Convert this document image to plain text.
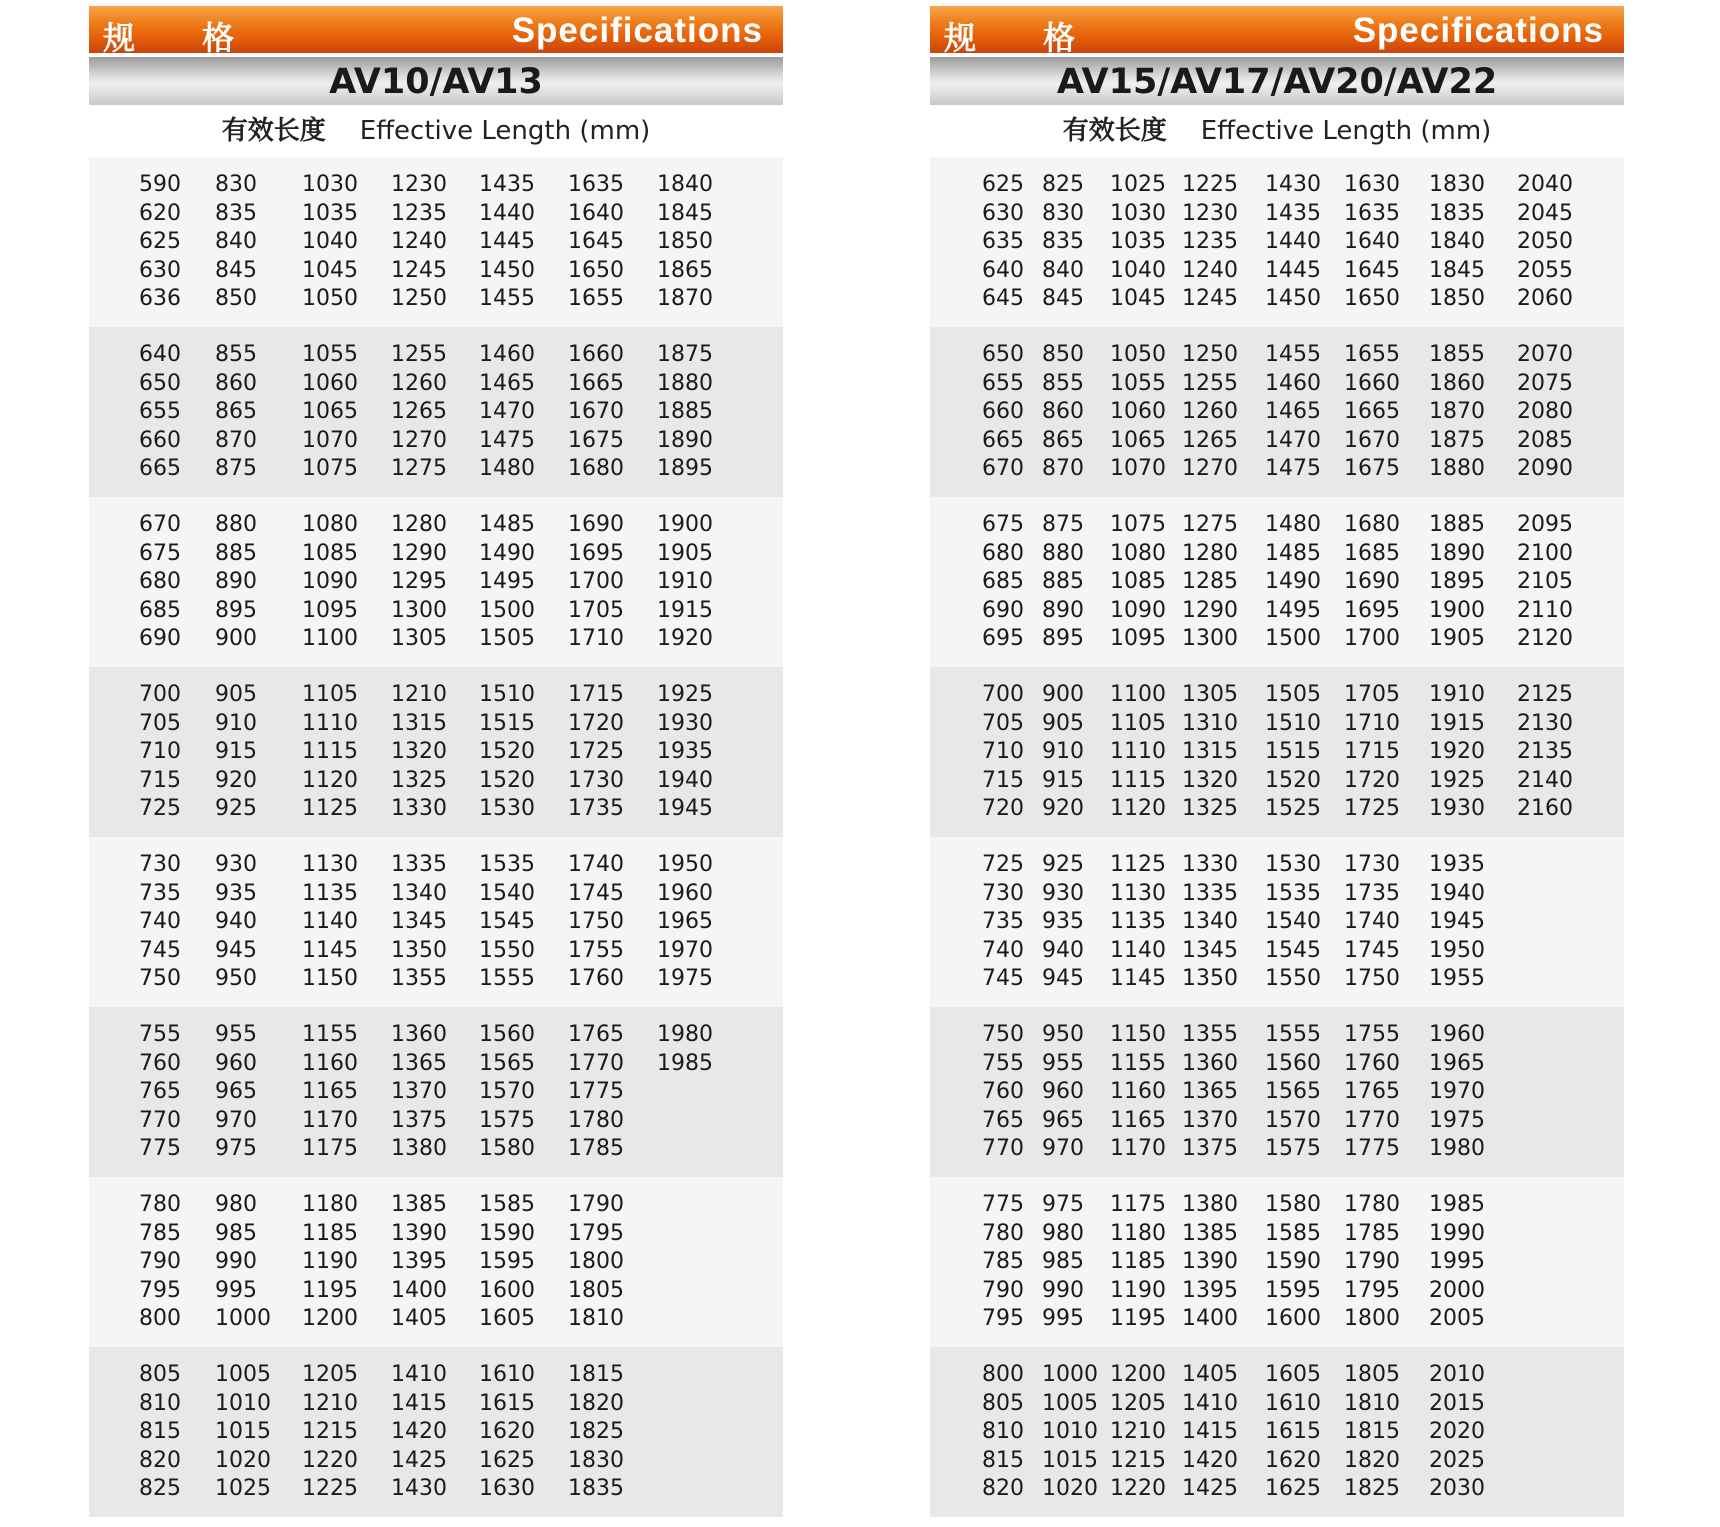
规 格	Specifications
AV10/AV13
有效长度 Effective Length (mm)
590 830 1030 1230 1435 1635 1840
620 835 1035 1235 1440 1640 1845
625 840 1040 1240 1445 1645 1850
630 845 1045 1245 1450 1650 1865
636 850 1050 1250 1455 1655 1870
640 855 1055 1255 1460 1660 1875
650 860 1060 1260 1465 1665 1880
655 865 1065 1265 1470 1670 1885
660 870 1070 1270 1475 1675 1890
665 875 1075 1275 1480 1680 1895
670 880 1080 1280 1485 1690 1900
675 885 1085 1290 1490 1695 1905
680 890 1090 1295 1495 1700 1910
685 895 1095 1300 1500 1705 1915
690 900 1100 1305 1505 1710 1920
700 905 1105 1210 1510 1715 1925
705 910 1110 1315 1515 1720 1930
710 915 1115 1320 1520 1725 1935
715 920 1120 1325 1520 1730 1940
725 925 1125 1330 1530 1735 1945
730 930 1130 1335 1535 1740 1950
735 935 1135 1340 1540 1745 1960
740 940 1140 1345 1545 1750 1965
745 945 1145 1350 1550 1755 1970
750 950 1150 1355 1555 1760 1975
755 955 1155 1360 1560 1765 1980
760 960 1160 1365 1565 1770 1985
765 965 1165 1370 1570 1775
770 970 1170 1375 1575 1780
775 975 1175 1380 1580 1785
780 980 1180 1385 1585 1790
785 985 1185 1390 1590 1795
790 990 1190 1395 1595 1800
795 995 1195 1400 1600 1805
800 1000 1200 1405 1605 1810
805 1005 1205 1410 1610 1815
810 1010 1210 1415 1615 1820
815 1015 1215 1420 1620 1825
820 1020 1220 1425 1625 1830
825 1025 1225 1430 1630 1835
规 格	Specifications
AV15/AV17/AV20/AV22
有效长度 Effective Length (mm)
625 825 1025 1225 1430 1630 1830 2040
630 830 1030 1230 1435 1635 1835 2045
635 835 1035 1235 1440 1640 1840 2050
640 840 1040 1240 1445 1645 1845 2055
645 845 1045 1245 1450 1650 1850 2060
650 850 1050 1250 1455 1655 1855 2070
655 855 1055 1255 1460 1660 1860 2075
660 860 1060 1260 1465 1665 1870 2080
665 865 1065 1265 1470 1670 1875 2085
670 870 1070 1270 1475 1675 1880 2090
675 875 1075 1275 1480 1680 1885 2095
680 880 1080 1280 1485 1685 1890 2100
685 885 1085 1285 1490 1690 1895 2105
690 890 1090 1290 1495 1695 1900 2110
695 895 1095 1300 1500 1700 1905 2120
700 900 1100 1305 1505 1705 1910 2125
705 905 1105 1310 1510 1710 1915 2130
710 910 1110 1315 1515 1715 1920 2135
715 915 1115 1320 1520 1720 1925 2140
720 920 1120 1325 1525 1725 1930 2160
725 925 1125 1330 1530 1730 1935
730 930 1130 1335 1535 1735 1940
735 935 1135 1340 1540 1740 1945
740 940 1140 1345 1545 1745 1950
745 945 1145 1350 1550 1750 1955
750 950 1150 1355 1555 1755 1960
755 955 1155 1360 1560 1760 1965
760 960 1160 1365 1565 1765 1970
765 965 1165 1370 1570 1770 1975
770 970 1170 1375 1575 1775 1980
775 975 1175 1380 1580 1780 1985
780 980 1180 1385 1585 1785 1990
785 985 1185 1390 1590 1790 1995
790 990 1190 1395 1595 1795 2000
795 995 1195 1400 1600 1800 2005
800 1000 1200 1405 1605 1805 2010
805 1005 1205 1410 1610 1810 2015
810 1010 1210 1415 1615 1815 2020
815 1015 1215 1420 1620 1820 2025
820 1020 1220 1425 1625 1825 2030
